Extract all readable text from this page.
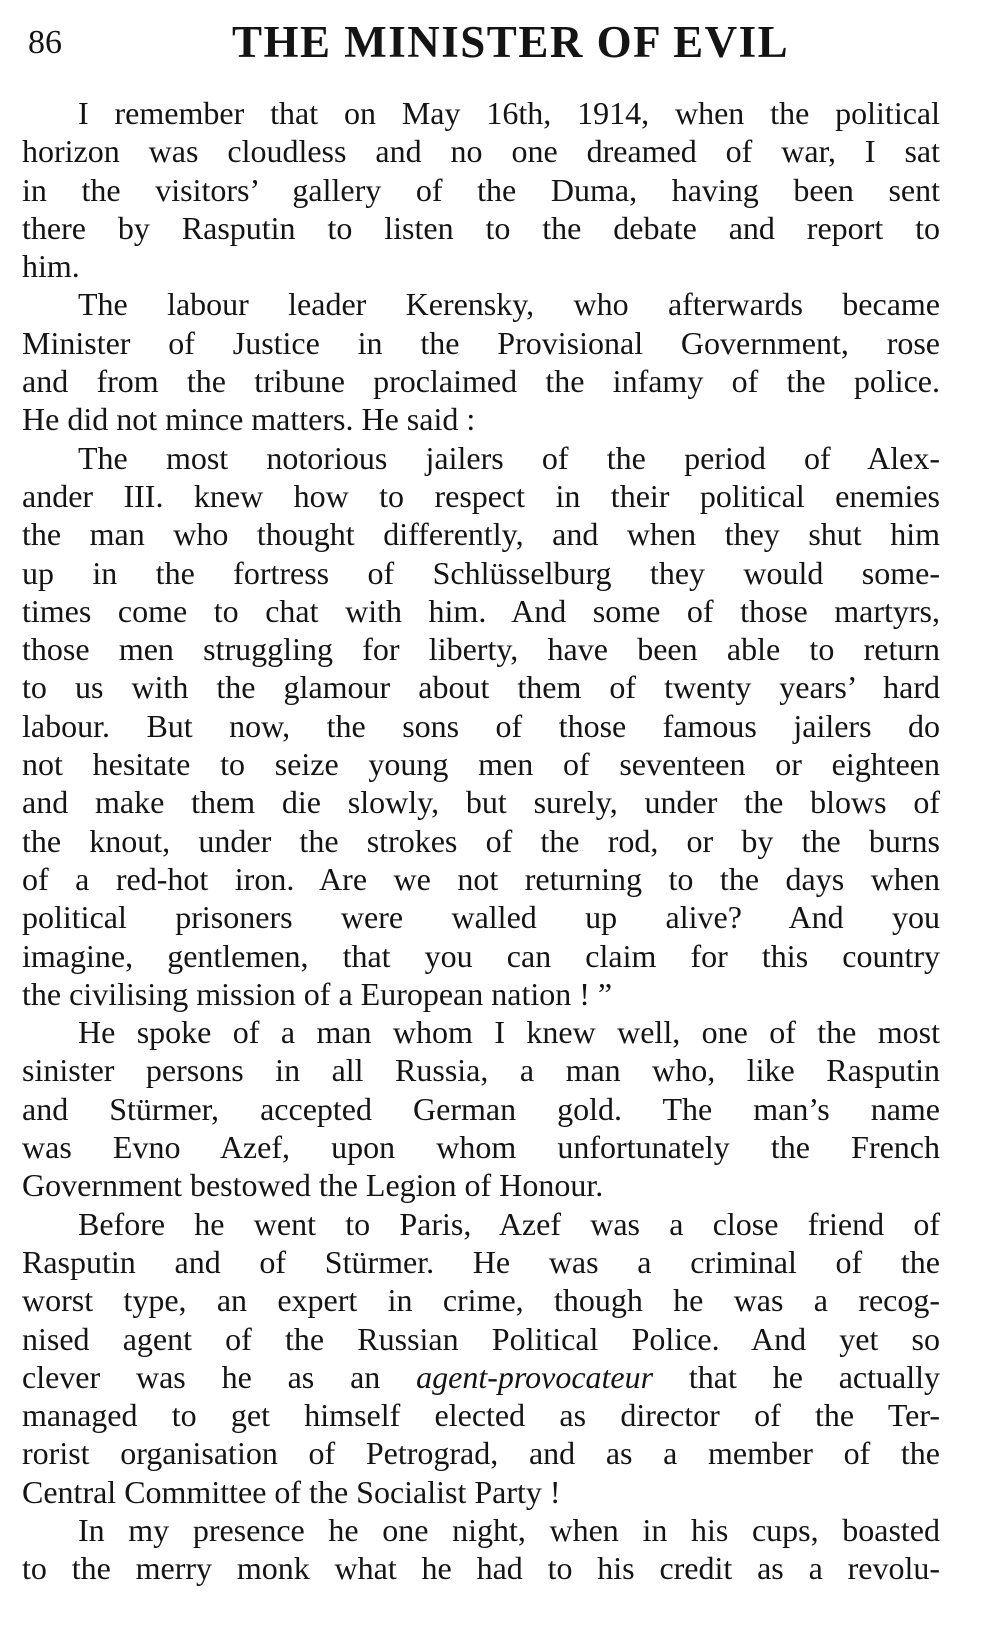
86	THE MINISTER OF EVIL

I remember that on May 16th, 1914, when the political
horizon was cloudless and no one dreamed of war, I sat
in the visitors’ gallery of the Duma, having been sent
there by Rasputin to listen to the debate and report to
him.

The labour leader Kerensky, who afterwards became
Minister of Justice in the Provisional Government, rose
and from the tribune proclaimed the infamy of the police.
He did not mince matters. He said :

The most notorious jailers of the period of Alex-
ander III. knew how to respect in their political enemies
the man who thought differently, and when they shut him
up in the fortress of Schlüsselburg they would some-
times come to chat with him. And some of those martyrs,
those men struggling for liberty, have been able to return
to us with the glamour about them of twenty years’ hard
labour. But now, the sons of those famous jailers do
not hesitate to seize young men of seventeen or eighteen
and make them die slowly, but surely, under the blows of
the knout, under the strokes of the rod, or by the burns
of a red-hot iron. Are we not returning to the days when
political prisoners were walled up alive? And you
imagine, gentlemen, that you can claim for this country
the civilising mission of a European nation ! ”

He spoke of a man whom I knew well, one of the most
sinister persons in all Russia, a man who, like Rasputin
and Stürmer, accepted German gold. The man’s name
was Evno Azef, upon whom unfortunately the French
Government bestowed the Legion of Honour.

Before he went to Paris, Azef was a close friend of
Rasputin and of Stürmer. He was a criminal of the
worst type, an expert in crime, though he was a recog-
nised agent of the Russian Political Police. And yet so
clever was he as an agent-provocateur that he actually
managed to get himself elected as director of the Ter-
rorist organisation of Petrograd, and as a member of the
Central Committee of the Socialist Party !

In my presence he one night, when in his cups, boasted
to the merry monk what he had to his credit as a revolu-
